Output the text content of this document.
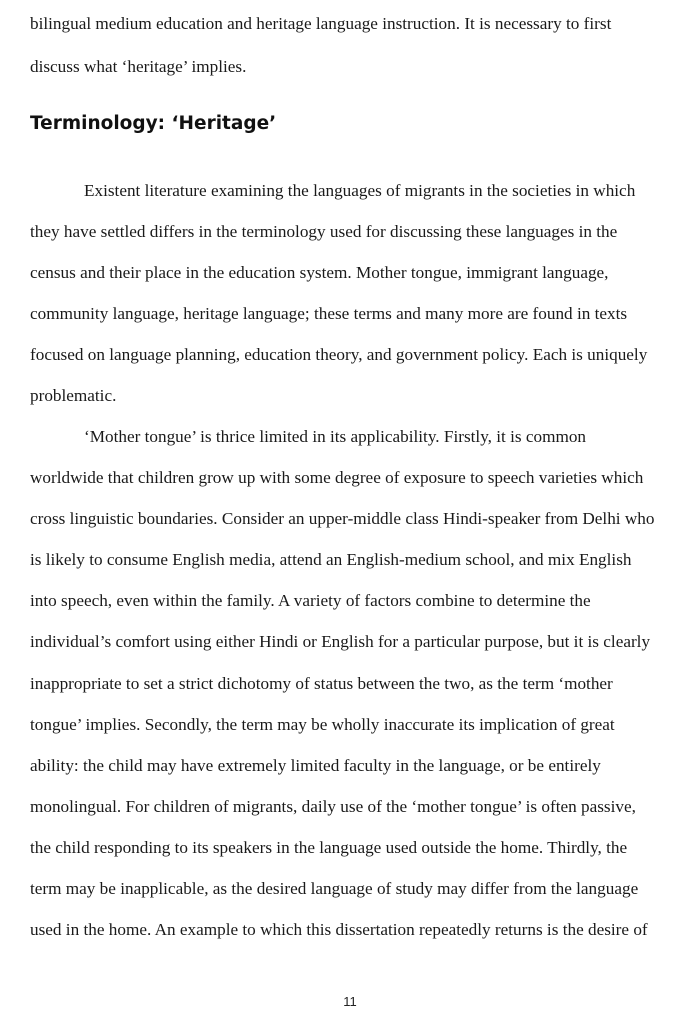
bilingual medium education and heritage language instruction. It is necessary to first
discuss what ‘heritage’ implies.
Terminology: ‘Heritage’
Existent literature examining the languages of migrants in the societies in which
they have settled differs in the terminology used for discussing these languages in the
census and their place in the education system. Mother tongue, immigrant language,
community language, heritage language; these terms and many more are found in texts
focused on language planning, education theory, and government policy. Each is uniquely
problematic.
‘Mother tongue’ is thrice limited in its applicability. Firstly, it is common
worldwide that children grow up with some degree of exposure to speech varieties which
cross linguistic boundaries. Consider an upper-middle class Hindi-speaker from Delhi who
is likely to consume English media, attend an English-medium school, and mix English
into speech, even within the family. A variety of factors combine to determine the
individual’s comfort using either Hindi or English for a particular purpose, but it is clearly
inappropriate to set a strict dichotomy of status between the two, as the term ‘mother
tongue’ implies. Secondly, the term may be wholly inaccurate its implication of great
ability: the child may have extremely limited faculty in the language, or be entirely
monolingual. For children of migrants, daily use of the ‘mother tongue’ is often passive,
the child responding to its speakers in the language used outside the home. Thirdly, the
term may be inapplicable, as the desired language of study may differ from the language
used in the home. An example to which this dissertation repeatedly returns is the desire of
11
